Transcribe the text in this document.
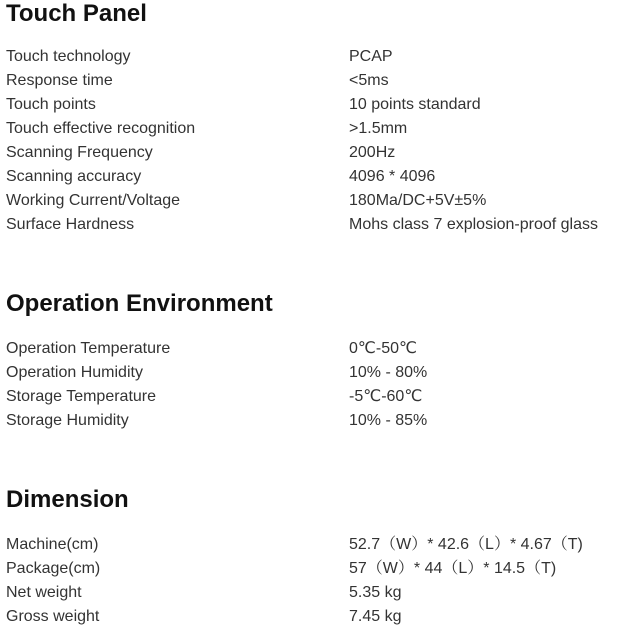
Touch Panel
Touch technology	PCAP
Response time	<5ms
Touch points	10 points standard
Touch effective recognition	>1.5mm
Scanning Frequency	200Hz
Scanning accuracy	4096 * 4096
Working Current/Voltage	180Ma/DC+5V±5%
Surface Hardness	Mohs class 7 explosion-proof glass
Operation Environment
Operation Temperature	0℃-50℃
Operation Humidity	10% - 80%
Storage Temperature	-5℃-60℃
Storage Humidity	10% - 85%
Dimension
Machine(cm)	52.7（W）* 42.6（L）* 4.67（T)
Package(cm)	57（W）* 44（L）* 14.5（T)
Net weight	5.35 kg
Gross weight	7.45 kg
